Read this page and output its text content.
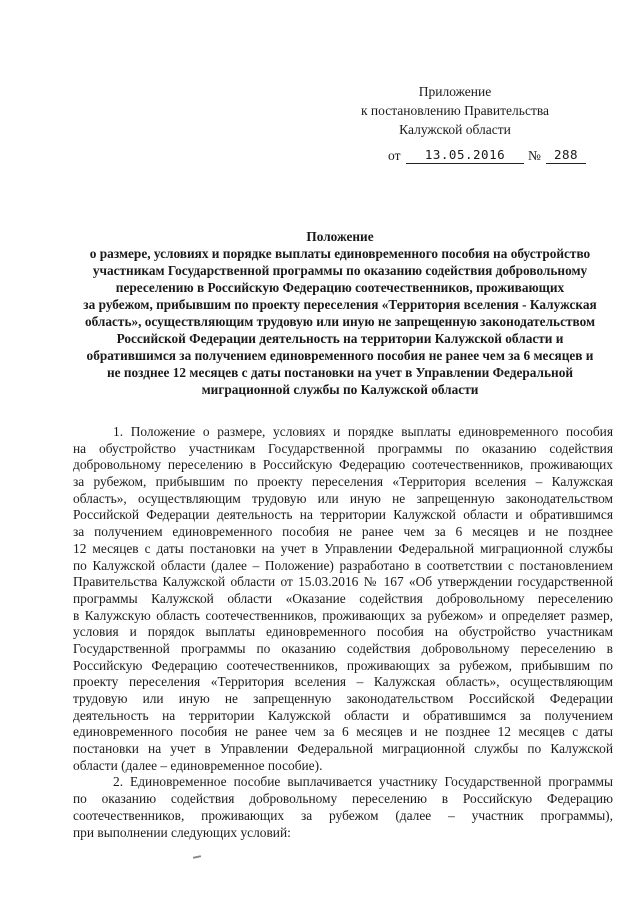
Приложение
к постановлению Правительства
Калужской области
от	13.05.2016	№	288
Положение
о размере, условиях и порядке выплаты единовременного пособия на обустройство
участникам Государственной программы по оказанию содействия добровольному
переселению в Российскую Федерацию соотечественников, проживающих
за рубежом, прибывшим по проекту переселения «Территория вселения - Калужская
область», осуществляющим трудовую или иную не запрещенную законодательством
Российской Федерации деятельность на территории Калужской области и
обратившимся за получением единовременного пособия не ранее чем за 6 месяцев и
не позднее 12 месяцев с даты постановки на учет в Управлении Федеральной
миграционной службы по Калужской области
1. Положение о размере, условиях и порядке выплаты единовременного пособия
на обустройство участникам Государственной программы по оказанию содействия
добровольному переселению в Российскую Федерацию соотечественников, проживающих
за рубежом, прибывшим по проекту переселения «Территория вселения – Калужская
область», осуществляющим трудовую или иную не запрещенную законодательством
Российской Федерации деятельность на территории Калужской области и обратившимся
за получением единовременного пособия не ранее чем за 6 месяцев и не позднее
12 месяцев с даты постановки на учет в Управлении Федеральной миграционной службы
по Калужской области (далее – Положение) разработано в соответствии с постановлением
Правительства Калужской области от 15.03.2016 № 167 «Об утверждении государственной
программы Калужской области «Оказание содействия добровольному переселению
в Калужскую область соотечественников, проживающих за рубежом» и определяет размер,
условия и порядок выплаты единовременного пособия на обустройство участникам
Государственной программы по оказанию содействия добровольному переселению в
Российскую Федерацию соотечественников, проживающих за рубежом, прибывшим по
проекту переселения «Территория вселения – Калужская область», осуществляющим
трудовую или иную не запрещенную законодательством Российской Федерации
деятельность на территории Калужской области и обратившимся за получением
единовременного пособия не ранее чем за 6 месяцев и не позднее 12 месяцев с даты
постановки на учет в Управлении Федеральной миграционной службы по Калужской
области (далее – единовременное пособие).
2. Единовременное пособие выплачивается участнику Государственной программы
по оказанию содействия добровольному переселению в Российскую Федерацию
соотечественников, проживающих за рубежом (далее – участник программы),
при выполнении следующих условий:
